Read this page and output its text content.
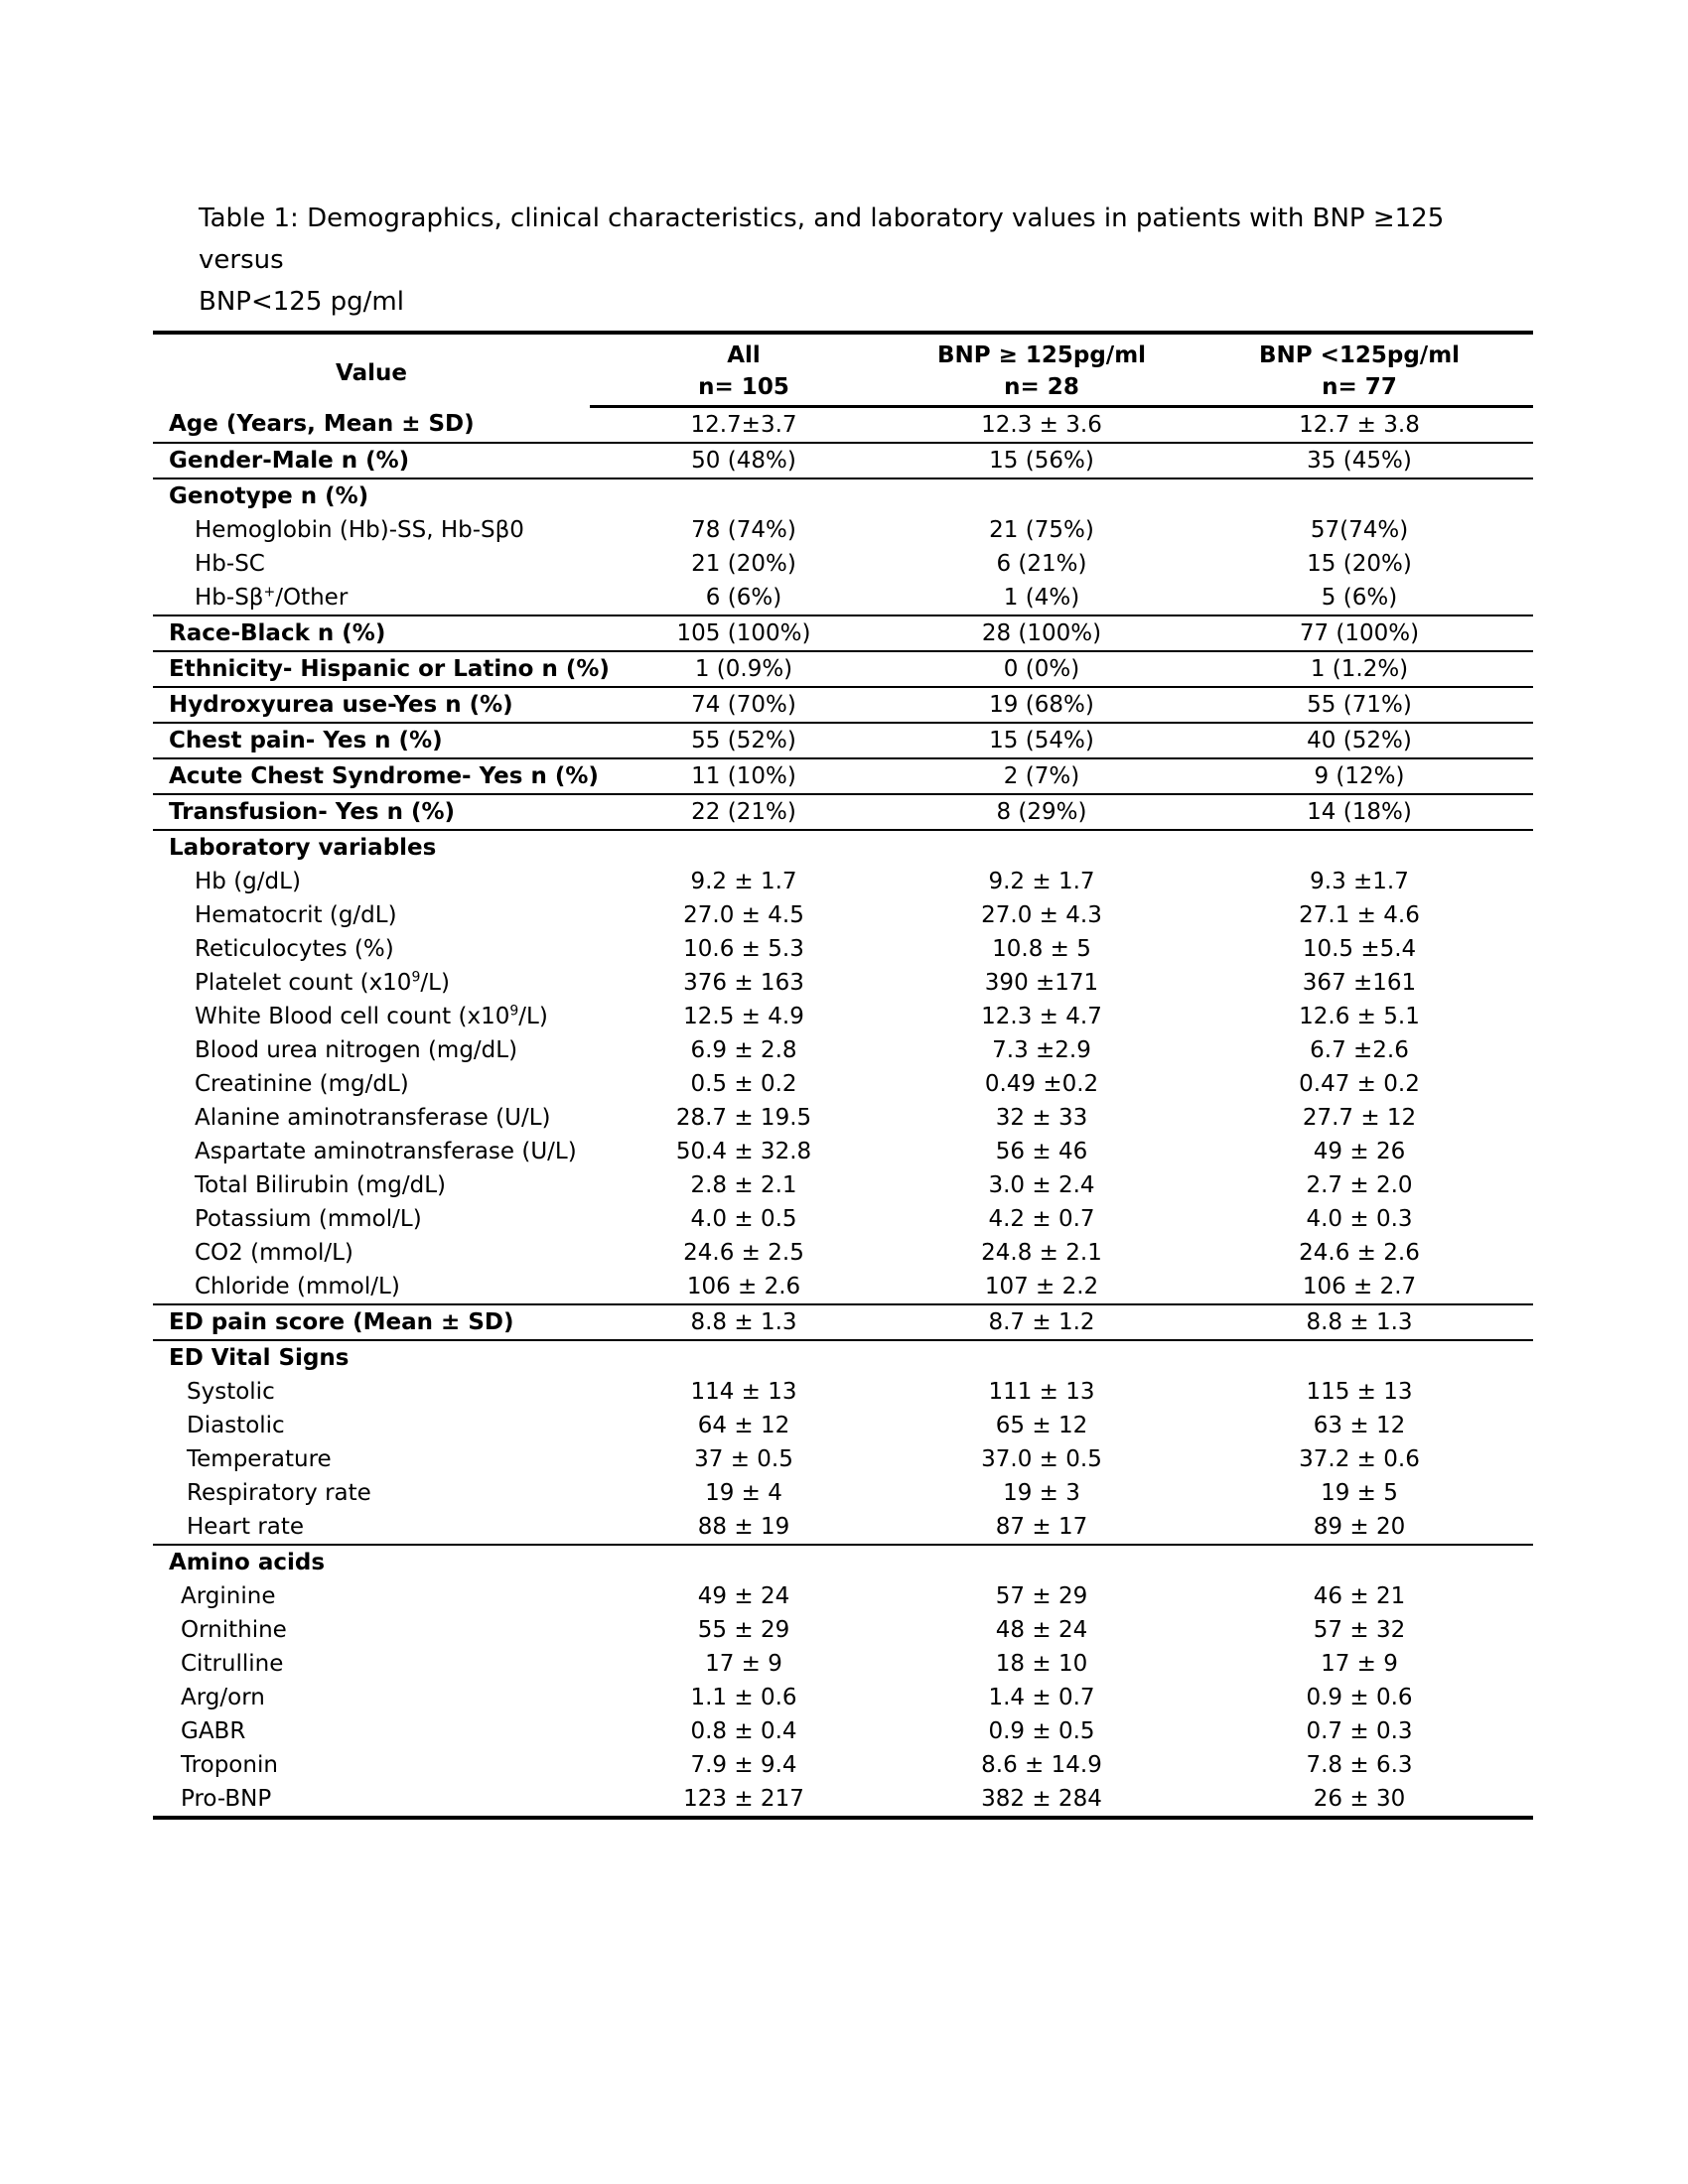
Table 1: Demographics, clinical characteristics, and laboratory values in patients with BNP ≥125 versus
BNP<125 pg/ml
Value	All	BNP ≥ 125pg/ml	BNP <125pg/ml
	n= 105	n= 28	n= 77
Age (Years, Mean ± SD)	12.7±3.7	12.3 ± 3.6	12.7 ± 3.8
Gender-Male n (%)	50 (48%)	15 (56%)	35 (45%)
Genotype n (%)			
Hemoglobin (Hb)-SS, Hb-Sβ0	78 (74%)	21 (75%)	57(74%)
Hb-SC	21 (20%)	6 (21%)	15 (20%)
Hb-Sβ+/Other	6 (6%)	1 (4%)	5 (6%)
Race-Black n (%)	105 (100%)	28 (100%)	77 (100%)
Ethnicity- Hispanic or Latino n (%)	1 (0.9%)	0 (0%)	1 (1.2%)
Hydroxyurea use-Yes n (%)	74 (70%)	19 (68%)	55 (71%)
Chest pain- Yes n (%)	55 (52%)	15 (54%)	40 (52%)
Acute Chest Syndrome- Yes n (%)	11 (10%)	2 (7%)	9 (12%)
Transfusion- Yes n (%)	22 (21%)	8 (29%)	14 (18%)
Laboratory variables			
Hb (g/dL)	9.2 ± 1.7	9.2 ± 1.7	9.3 ±1.7
Hematocrit (g/dL)	27.0 ± 4.5	27.0 ± 4.3	27.1 ± 4.6
Reticulocytes (%)	10.6 ± 5.3	10.8 ± 5	10.5 ±5.4
Platelet count $(x10^9/L)$	376 ± 163	390 ±171	367 ±161
White Blood cell count $(x10^9/L)$	12.5 ± 4.9	12.3 ± 4.7	12.6 ± 5.1
Blood urea nitrogen (mg/dL)	6.9 ± 2.8	7.3 ±2.9	6.7 ±2.6
Creatinine (mg/dL)	0.5 ± 0.2	0.49 ±0.2	0.47 ± 0.2
Alanine aminotransferase (U/L)	28.7 ± 19.5	32 ± 33	27.7 ± 12
Aspartate aminotransferase (U/L)	50.4 ± 32.8	56 ± 46	49 ± 26
Total Bilirubin (mg/dL)	2.8 ± 2.1	3.0 ± 2.4	2.7 ± 2.0
Potassium (mmol/L)	4.0 ± 0.5	4.2 ± 0.7	4.0 ± 0.3
CO2 (mmol/L)	24.6 ± 2.5	24.8 ± 2.1	24.6 ± 2.6
Chloride (mmol/L)	106 ± 2.6	107 ± 2.2	106 ± 2.7
ED pain score (Mean ± SD)	8.8 ± 1.3	8.7 ± 1.2	8.8 ± 1.3
ED Vital Signs			
Systolic	114 ± 13	111 ± 13	115 ± 13
Diastolic	64 ± 12	65 ± 12	63 ± 12
Temperature	37 ± 0.5	37.0 ± 0.5	37.2 ± 0.6
Respiratory rate	19 ± 4	19 ± 3	19 ± 5
Heart rate	88 ± 19	87 ± 17	89 ± 20
Amino acids			
Arginine	49 ± 24	57 ± 29	46 ± 21
Ornithine	55 ± 29	48 ± 24	57 ± 32
Citrulline	17 ± 9	18 ± 10	17 ± 9
Arg/orn	1.1 ± 0.6	1.4 ± 0.7	0.9 ± 0.6
GABR	0.8 ± 0.4	0.9 ± 0.5	0.7 ± 0.3
Troponin	7.9 ± 9.4	8.6 ± 14.9	7.8 ± 6.3
Pro-BNP	123 ± 217	382 ± 284	26 ± 30
